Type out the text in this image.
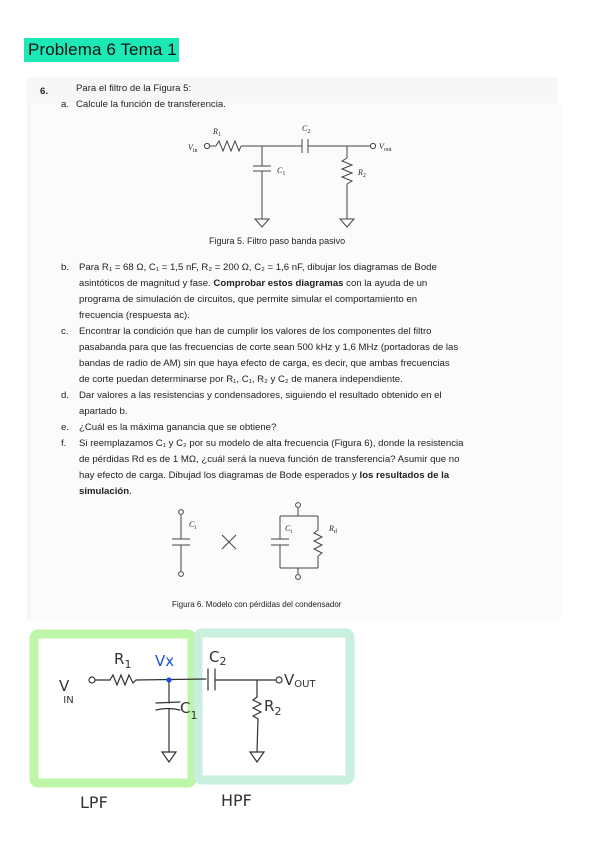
Problema 6 Tema 1
6.	Para el filtro de la Figura 5:
a. Calcule la función de transferencia.
$V_{in}$
$R_1$
$C_2$
$C_1$	$R_2$
$V_{out}$
Figura 5. Filtro paso banda pasivo
b. Para R₁ = 68 Ω, C₁ = 1,5 nF, R₂ = 200 Ω, C₂ = 1,6 nF, dibujar los diagramas de Bode
asintóticos de magnitud y fase. Comprobar estos diagramas con la ayuda de un
programa de simulación de circuitos, que permite simular el comportamiento en
frecuencia (respuesta ac).
c. Encontrar la condición que han de cumplir los valores de los componentes del filtro
pasabanda para que las frecuencias de corte sean 500 kHz y 1,6 MHz (portadoras de las
bandas de radio de AM) sin que haya efecto de carga, es decir, que ambas frecuencias
de corte puedan determinarse por R₁, C₁, R₂ y C₂ de manera independiente.
d. Dar valores a las resistencias y condensadores, siguiendo el resultado obtenido en el
apartado b.
e. ¿Cuál es la máxima ganancia que se obtiene?
f. Si reemplazamos C₁ y C₂ por su modelo de alta frecuencia (Figura 6), donde la resistencia
de pérdidas Rd es de 1 MΩ, ¿cuál será la nueva función de transferencia? Asumir que no
hay efecto de carga. Dibujad los diagramas de Bode esperados y los resultados de la
simulación.
$C_i$	$C_i$	$R_d$
Figura 6. Modelo con pérdidas del condensador
V IN
$R_1$ Vx $C_2$
VOUT
$C_1$
$R_2$
LPF	HPF
